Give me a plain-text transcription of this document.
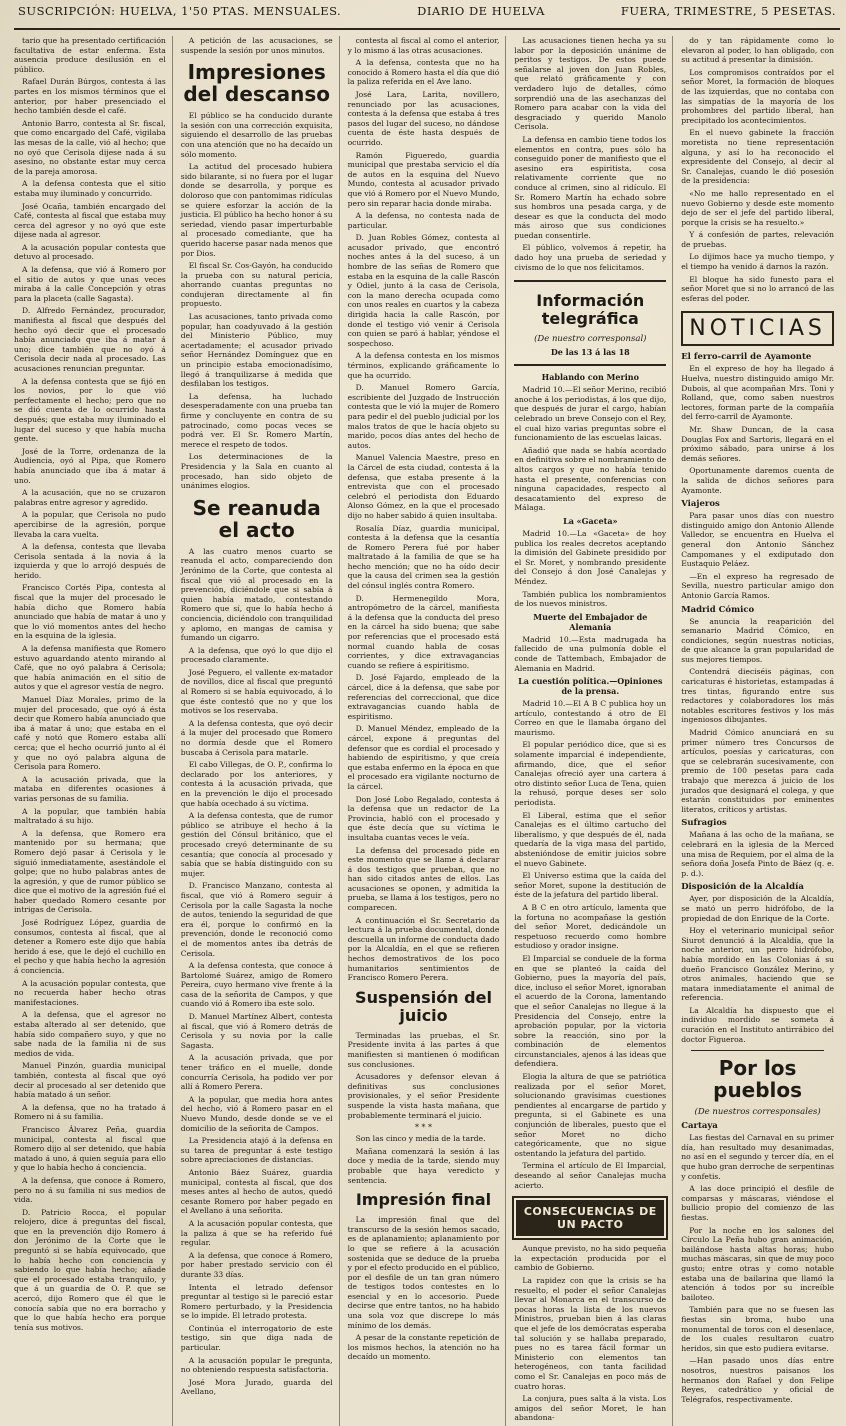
SUSCRIPCIÓN: HUELVA, 1'50 PTAS. MENSUALES.	DIARIO DE HUELVA	FUERA, TRIMESTRE, 5 PESETAS.

tario que ha presentado certificación facultativa de estar enferma. Esta ausencia produce desilusión en el público.

Rafael Durán Búrgos, contesta á las partes en los mismos términos que el anterior, por haber presenciado el hecho también desde el café.

Antonio Barro, contesta al Sr. fiscal, que como encargado del Café, vigilaba las mesas de la calle, vió al hecho; que no oyó que Cerisola dijese nada á su asesino, no obstante estar muy cerca de la pareja amorosa.

A la defensa contesta que el sitio estaba muy iluminado y concurrido.

José Ocaña, también encargado del Café, contesta al fiscal que estaba muy cerca del agresor y no oyó que este dijese nada al agresor.

A la acusación popular contesta que detuvo al procesado.

A la defensa, que vió á Romero por el sitio de autos y que unas veces miraba á la calle Concepción y otras para la placeta (calle Sagasta).

D. Alfredo Fernández, procurador, manifiesta al fiscal que después del hecho oyó decir que el procesado había anunciado que iba á matar á uno; dice también que no oyó á Cerisola decir nada al procesado. Las acusaciones renuncian preguntar.

A la defensa contesta que se fijó en los novios, por lo que vió perfectamente el hecho; pero que no se dió cuenta de lo ocurrido hasta después; que estaba muy iluminado el lugar del suceso y que había mucha gente.

José de la Torre, ordenanza de la Audiencia, oyó al Pipa, que Romero había anunciado que iba á matar á uno.

A la acusación, que no se cruzaron palabras entre agresor y agredido.

A la popular, que Cerisola no pudo apercibirse de la agresión, porque llevaba la cara vuelta.

A la defensa, contesta que llevaba Cerisola sentada á la novia á la izquierda y que lo arrojó después de herido.

Francisco Cortés Pipa, contesta al fiscal que la mujer del procesado le había dicho que Romero había anunciado que había de matar á uno y que lo vió momentos antes del hecho en la esquina de la iglesia.

A la defensa manifiesta que Romero estuvo aguardando atento mirando al Café, que no oyó palabra á Cerisola; que había animación en el sitio de autos y que el agresor vestía de negro.

Manuel Díaz Morales, primo de la mujer del procesado, que oyó á ésta decir que Romero había anunciado que iba á matar á uno; que estaba en el café y notó que Romero estaba allí cerca; que el hecho ocurrió junto al él y que no oyó palabra alguna de Cerisola para Romero.

A la acusación privada, que la mataba en diferentes ocasiones á varias personas de su familia.

A la popular, que también había maltratado á su hijo.

A la defensa, que Romero era mantenido por su hermana; que Romero dejó pasar á Cerisola y le siguió inmediatamente, asestándole el golpe; que no hubo palabras antes de la agresión, y que de rumor público se dice que el motivo de la agresión fué el haber quedado Romero cesante por intrigas de Cerisola.

José Rodríguez López, guardia de consumos, contesta al fiscal, que al detener a Romero este dijo que había herido á ese, que le dejó el cuchillo en el pecho y que había hecho la agresión á conciencia.

A la acusación popular contesta, que no recuerda haber hecho otras manifestaciones.

A la defensa, que el agresor no estaba alterado al ser detenido, que había sido compañero suyo, y que no sabe nada de la familia ni de sus medios de vida.

Manuel Pinzón, guardia municipal también, contesta al fiscal que oyó decir al procesado al ser detenido que había matado á un señor.

A la defensa, que no ha tratado á Romero ni á su familia.

Francisco Álvarez Peña, guardia municipal, contesta al fiscal que Romero dijo al ser detenido, que había matado á uno, á quien seguía para ello y que lo había hecho á conciencia.

A la defensa, que conoce á Romero, pero no á su familia ni sus medios de vida.

D. Patricio Rocca, el popular relojero, dice á preguntas del fiscal, que en la prevención dijo Romero á don Jerónimo de la Corte que le preguntó si se había equivocado, que lo había hecho con conciencia y sabiendo lo que había hecho; añade que el procesado estaba tranquilo, y que á un guardia de O. P. que se acercó, dijo Romero que él que le conocía sabía que no era borracho y que lo que había hecho era porque tenía sus motivos.

A petición de las acusaciones, se suspende la sesión por unos minutos.

Impresiones del descanso

El público se ha conducido durante la sesión con una corrección exquisita, siguiendo el desarrollo de las pruebas con una atención que no ha decaído un sólo momento.

La actitud del procesado hubiera sido bilarante, si no fuera por el lugar donde se desarrolla, y porque es doloroso que con pantomimas ridículas se quiere esforzar la acción de la justicia. El público ha hecho honor á su seriedad, viendo pasar imperturbable al procesado comediante, que ha querido hacerse pasar nada menos que por Dios.

El fiscal Sr. Cos-Gayón, ha conducido la prueba con su natural pericia, ahorrando cuantas preguntas no condujeran directamente al fin propuesto.

Las acusaciones, tanto privada como popular, han coadyuvado á la gestión del Ministerio Público, muy acertadamente; el acusador privado señor Hernández Domínguez que en un principio estaba emocionadísimo, llegó á tranquilizarse á medida que desfilaban los testigos.

La defensa, ha luchado desesperadamente con una prueba tan firme y concluyente en contra de su patrocinado, como pocas veces se podrá ver. El Sr. Romero Martín, merece el respeto de todos.

Los determinaciones de la Presidencia y la Sala en cuanto al procesado, han sido objeto de unánimes elogios.

Se reanuda el acto

A las cuatro menos cuarto se reanuda el acto, compareciendo don Jerónimo de la Corte, que contesta al fiscal que vió al procesado en la prevención, diciéndole que si sabía á quien había matado, contestando Romero que sí, que lo había hecho á conciencia, diciéndolo con tranquilidad y aplomo, en mangas de camisa y fumando un cigarro.

A la defensa, que oyó lo que dijo el procesado claramente.

José Peguero, el vallente ex-matador de novillos, dice al fiscal que preguntó al Romero si se había equivocado, á lo que éste contestó que no y que los motivos se los reservaba.

A la defensa contesta, que oyó decir á la mujer del procesado que Romero no dormía desde que el Romero buscaba á Cerisola para matarle.

El cabo Villegas, de O. P., confirma lo declarado por los anteriores, y contesta á la acusación privada, que en la prevención le dijo el procesado que había ocechado á su víctima.

A la defensa contesta, que de rumor público se atribuye el hecho á la gestión del Cónsul británico, que el procesado creyó determinante de su cesantía; que conocía al procesado y sabía que se había distinguido con su mujer.

D. Francisco Manzano, contesta al fiscal, que vió á Romero seguir á Cerisola por la calle Sagasta la noche de autos, teniendo la seguridad de que era él, porque lo confirmó en la prevención, donde le reconoció como el de momentos antes iba detrás de Cerisola.

A la defensa contesta, que conoce á Bartolomé Suárez, amigo de Romero Pereira, cuyo hermano vive frente á la casa de la señorita de Campos, y que cuando vió á Romero iba este solo.

D. Manuel Martínez Albert, contesta al fiscal, que vió á Romero detrás de Cerisola y su novia por la calle Sagasta.

A la acusación privada, que por tener tráfico en el muelle, donde concurría Cerisola, ha podido ver por allí á Romero Perera.

A la popular, que media hora antes del hecho, vió á Romero pasar en el Nuevo Mundo, desde donde se ve el domicilio de la señorita de Campos.

La Presidencia atajó á la defensa en su tarea de preguntar á este testigo sobre apreciaciones de distancias.

Antonio Báez Suárez, guardia municipal, contesta al fiscal, que dos meses antes al hecho de autos, quedó cesante Romero por haber pegado en el Avellano á una señorita.

A la acusación popular contesta, que la paliza á que se ha referido fué regular.

A la defensa, que conoce á Romero, por haber prestado servicio con él durante 33 días.

Intenta el letrado defensor preguntar al testigo si le pareció estar Romero perturbado, y la Presidencia se lo impide. El letrado protesta.

Continúa el interrogatorio de este testigo, sin que diga nada de particular.

A la acusación popular le pregunta, no obteniendo respuesta satisfactoria.

José Mora Jurado, guarda del Avellano,

contesta al fiscal al como el anterior, y lo mismo á las otras acusaciones.

A la defensa, contesta que no ha conocido á Romero hasta el día que dió la paliza referida en el Ave lano.

José Lara, Larita, novillero, renunciado por las acusaciones, contesta á la defensa que estaba á tres pasos del lugar del suceso, no dándose cuenta de éste hasta después de ocurrido.

Ramón Figueredo, guardia municipal que prestaba servicio el día de autos en la esquina del Nuevo Mundo, contesta al acusador privado que vió á Romero por el Nuevo Mundo, pero sin reparar hacia donde miraba.

A la defensa, no contesta nada de particular.

D. Juan Robles Gómez, contesta al acusador privado, que encontró noches antes á la del suceso, á un hombre de las señas de Romero que estaba en la esquina de la calle Rascón y Odiel, junto á la casa de Cerisola, con la mano derecha ocupada como con unos reales en cuartos y la cabeza dirigida hacia la calle Rascón, por donde el testigo vió venir á Cerisola con quien se paró á hablar, yéndose el sospechoso.

A la defensa contesta en los mismos términos, explicando gráficamente lo que ha ocurrido.

D. Manuel Romero García, escribiente del Juzgado de Instrucción contesta que le vió la mujer de Romero para pedir el del pueblo judicial por los malos tratos de que le hacía objeto su marido, pocos días antes del hecho de autos.

Manuel Valencia Maestre, preso en la Cárcel de esta ciudad, contesta á la defensa, que estaba presente á la entrevista que con el procesado celebró el periodista don Eduardo Alonso Gómez, en la que el procesado dijo no haber sabido á quien insultaba.

Rosalía Díaz, guardia municipal, contesta á la defensa que la cesantía de Romero Perera fué por haber maltratado á la familia de que se ha hecho mención; que no ha oído decir que la causa del crimen sea la gestión del cónsul inglés contra Romero.

D. Hermenegildo Mora, antropómetro de la cárcel, manifiesta á la defensa que la conducta del preso en la cárcel ha sido buena; que sabe por referencias que el procesado está normal cuando habla de cosas corrientes, y dice extravagancias cuando se refiere á espiritismo.

D. José Fajardo, empleado de la cárcel, dice á la defensa, que sabe por referencias del correccional, que dice extravagancias cuando habla de espiritismo.

D. Manuel Méndez, empleado de la cárcel, expone á preguntas del defensor que es cordial el procesado y habiendo de espiritismo, y que creía que estaba enfermo en la época en que el procesado era vigilante nocturno de la cárcel.

Don José Lobo Regalado, contesta á la defensa que un redactor de La Provincia, habló con el procesado y que éste decía que su víctima le insultaba cuantas veces le veía.

La defensa del procesado pide en este momento que se llame á declarar á dos testigos que prueban, que no han sido citados antes de ellos. Las acusaciones se oponen, y admitida la prueba, se llama á los testigos, pero no comparecen.

A continuación el Sr. Secretario da lectura á la prueba documental, donde descuella un informe de conducta dado por la Alcaldía, en el que se refieren hechos demostrativos de los poco humanitarios sentimientos de Francisco Romero Perera.

Suspensión del juicio

Terminadas las pruebas, el Sr. Presidente invita á las partes á que manifiesten si mantienen ó modifican sus conclusiones.

Acusadores y defensor elevan á definitivas sus conclusiones provisionales, y el señor Presidente suspende la vista hasta mañana, que probablemente terminará el juicio.

* * *

Son las cinco y media de la tarde.

Mañana comenzará la sesión á las doce y media de la tarde, siendo muy probable que haya veredicto y sentencia.

Impresión final

La impresión final que del transcurso de la sesión hemos sacado, es de aplanamiento; aplanamiento por lo que se refiere á la acusación sostenida que se deduce de la prueba y por el efecto producido en el público, por el desfile de un tan gran número de testigos todos contestes en lo esencial y en lo accesorio. Puede decirse que entre tantos, no ha habido una sola voz que discrepe lo más mínimo de los demás.

A pesar de la constante repetición de los mismos hechos, la atención no ha decaído un momento.

Las acusaciones tienen hecha ya su labor por la deposición unánime de peritos y testigos. De estos puede señalarse al joven don Juan Robles, que relató gráficamente y con verdadero lujo de detalles, cómo sorprendió una de las asechanzas del Romero para acabar con la vida del desgraciado y querido Manolo Cerisola.

La defensa en cambio tiene todos los elementos en contra, pues sólo ha conseguido poner de manifiesto que el asesino era espiritista, cosa relativamente corriente que no conduce al crimen, sino al ridículo. El Sr. Romero Martín ha echado sobre sus hombros una pesada carga, y de desear es que la conducta del modo más airoso que sus condiciones puedan consentirle.

El público, volvemos á repetir, ha dado hoy una prueba de seriedad y civismo de lo que nos felicitamos.

Información telegráfica
(De nuestro corresponsal)
De las 13 á las 18
Hablando con Merino

Madrid 10.—El señor Merino, recibió anoche á los periodistas, á los que dijo, que después de jurar el cargo, habían celebrado un breve Consejo con el Rey, el cual hizo varias preguntas sobre el funcionamiento de las escuelas laicas.

Añadió que nada se había acordado en definitiva sobre el nombramiento de altos cargos y que no había tenido hasta el presente, conferencias con ninguna capacidades, respecto al desacatamiento del expreso de Málaga.

La «Gaceta»

Madrid 10.—La «Gaceta» de hoy publica los reales decretos aceptando la dimisión del Gabinete presidido por el Sr. Moret, y nombrando presidente del Consejo á don José Canalejas y Méndez.

También publica los nombramientos de los nuevos ministros.

Muerte del Embajador de Alemania

Madrid 10.—Esta madrugada ha fallecido de una pulmonía doble el conde de Tattembach, Embajador de Alemania en Madrid.

La cuestión política.—Opiniones de la prensa.

Madrid 10.—El A B C publica hoy un artículo, contestando á otro de El Correo en que le llamaba órgano del maurismo.

El popular periódico dice, que si es solamente imparcial é independiente, afirmando, dice, que el señor Canalejas ofreció ayer una cartera á otro distinto señor Luca de Tena, quien la rehusó, porque deses ser solo periodista.

El Liberal, estima que el señor Canalejas es el último cartucho del liberalismo, y que después de él, nada quedaría de la viga masa del partido, abstenióndose de emitir juicios sobre el nuevo Gabinete.

El Universo estima que la caída del señor Moret, supone la destitución de éste de la jefatura del partido liberal.

A B C en otro artículo, lamenta que la fortuna no acompañase la gestión del señor Moret, dedicándole un respetuoso recuerdo como hombre estudioso y orador insigne.

El Imparcial se conduele de la forma en que se planteó la caída del Gobierno, pues la mayoría del país, dice, incluso el señor Moret, ignoraban el acuerdo de la Corona, lamentando que el señor Canalejas no llegue á la Presidencia del Consejo, entre la aprobación popular, por la victoria sobre la reacción, sino por la combinación de elementos circunstanciales, ajenos á las ideas que defendiera.

Elogia la altura de que se patriótica realizada por el señor Moret, solucionando gravísimas cuestiones pendientes al encargarse de partido y pregunta, si el Gabinete es una conjunción de liberales, puesto que el señor Moret no dicho categóricamente, que no sigue ostentando la jefatura del partido.

Termina el artículo de El Imparcial, deseando al señor Canalejas mucha acierto.

CONSECUENCIAS DE UN PACTO

Aunque previsto, no ha sido pequeña la expectación producida por el cambio de Gobierno.

La rapidez con que la crisis se ha resuelto, el poder el señor Canalejas llevar al Monarca en el transcurso de pocas horas la lista de los nuevos Ministros, prueban bien á las claras que el jefe de los demócratas esperaba tal solución y se hallaba preparado, pues no es tarea fácil formar un Ministerio con elementos tan heterogéneos, con tanta facilidad como el Sr. Canalejas en poco más de cuatro horas.

La conjura, pues salta á la vista. Los amigos del señor Moret, le han abandona-

do y tan rápidamente como lo elevaron al poder, lo han obligado, con su actitud á presentar la dimisión.

Los compromisos contraídos por el señor Moret, la formación de bloques de las izquierdas, que no contaba con las simpatías de la mayoría de los prohombres del partido liberal, han precipitado los acontecimientos.

En el nuevo gabinete la fracción moretista no tiene representación alguna, y así lo ha reconocido el expresidente del Consejo, al decir al Sr. Canalejas, cuando le dió posesión de la presidencia:

«No me hallo representado en el nuevo Gobierno y desde este momento dejo de ser el jefe del partido liberal, porque la crisis se ha resuelto.»

Y á confesión de partes, relevación de pruebas.

Lo dijimos hace ya mucho tiempo, y el tiempo ha venido á darnos la razón.

El bloque ha sido funesto para el señor Moret que si no lo arrancó de las esferas del poder.

NOTICIAS
El ferro-carril de Ayamonte

En el expreso de hoy ha llegado á Huelva, nuestro distinguido amigo Mr. Dubois, al que acompañan Mrs. Toni y Rolland, que, como saben nuestros lectores, forman parte de la compañía del ferro-carril de Ayamonte.

Mr. Shaw Duncan, de la casa Douglas Fox and Sartoris, llegará en el próximo sábado, para unirse á los demás señores.

Oportunamente daremos cuenta de la salida de dichos señores para Ayamonte.

Viajeros

Para pasar unos días con nuestro distinguido amigo don Antonio Allende Valledor, se encuentra en Huelva el general don Antonio Sánchez Campomanes y el exdiputado don Eustaquio Peláez.

—En el expreso ha regresado de Sevilla, nuestro particular amigo don Antonio García Ramos.

Madrid Cómico

Se anuncia la reaparición del semanario Madrid Cómico, en condiciones, según nuestras noticias, de que alcance la gran popularidad de sus mejores tiempos.

Contendrá dieciséis páginas, con caricaturas é historietas, estampadas á tres tintas, figurando entre sus redactores y colaboradores los más notables escritores festivos y los más ingeniosos dibujantes.

Madrid Cómico anunciará en su primer número tres Concursos de artículos, poesías y caricaturas, con que se celebrarán sucesivamente, con premio de 100 pesetas para cada trabajo que merezca á juicio de los jurados que designará el colega, y que estarán constituidos por eminentes literatos, críticos y artistas.

Sufragios

Mañana á las ocho de la mañana, se celebrará en la iglesia de la Merced una misa de Requiem, por el alma de la señora doña Josefa Pinto de Báez (q. e. p. d.).

Disposición de la Alcaldía

Ayer, por disposición de la Alcaldía, se mató un perro hidrófobo, de la propiedad de don Enrique de la Corte.

Hoy el veterinario municipal señor Siurot denunció á la Alcaldía, que la noche anterior, un perro hidrófobo, había mordido en las Colonias á su dueño Francisco González Merino, y otros animales, haciendo que se matara inmediatamente el animal de referencia.

La Alcaldía ha dispuesto que el individuo mordido se someta á curación en el Instituto antirrábico del doctor Figueroa.

Por los pueblos
(De nuestros corresponsales)
Cartaya

Las fiestas del Carnaval en su primer día, han resultado muy desanimadas, no así en el segundo y tercer día, en el que hubo gran derroche de serpentinas y confetis.

A las doce principió el desfile de comparsas y máscaras, viéndose el bullicio propio del comienzo de las fiestas.

Por la noche en los salones del Círculo La Peña hubo gran animación, bailándose hasta altas horas; hubo muchas máscaras, sin que de muy poco gusto; entre otras y como notable estaba una de bailarina que llamó la atención á todos por su increíble bailoteo.

También para que no se fuesen las fiestas sin broma, hubo una monumental de toros con el desenlace, de los cuales resultaron cuatro heridos, sin que esto pudiera evitarse.

—Han pasado unos días entre nosotros, nuestros paisanos los hermanos don Rafael y don Felipe Reyes, catedrático y oficial de Telégrafos, respectivamente.
